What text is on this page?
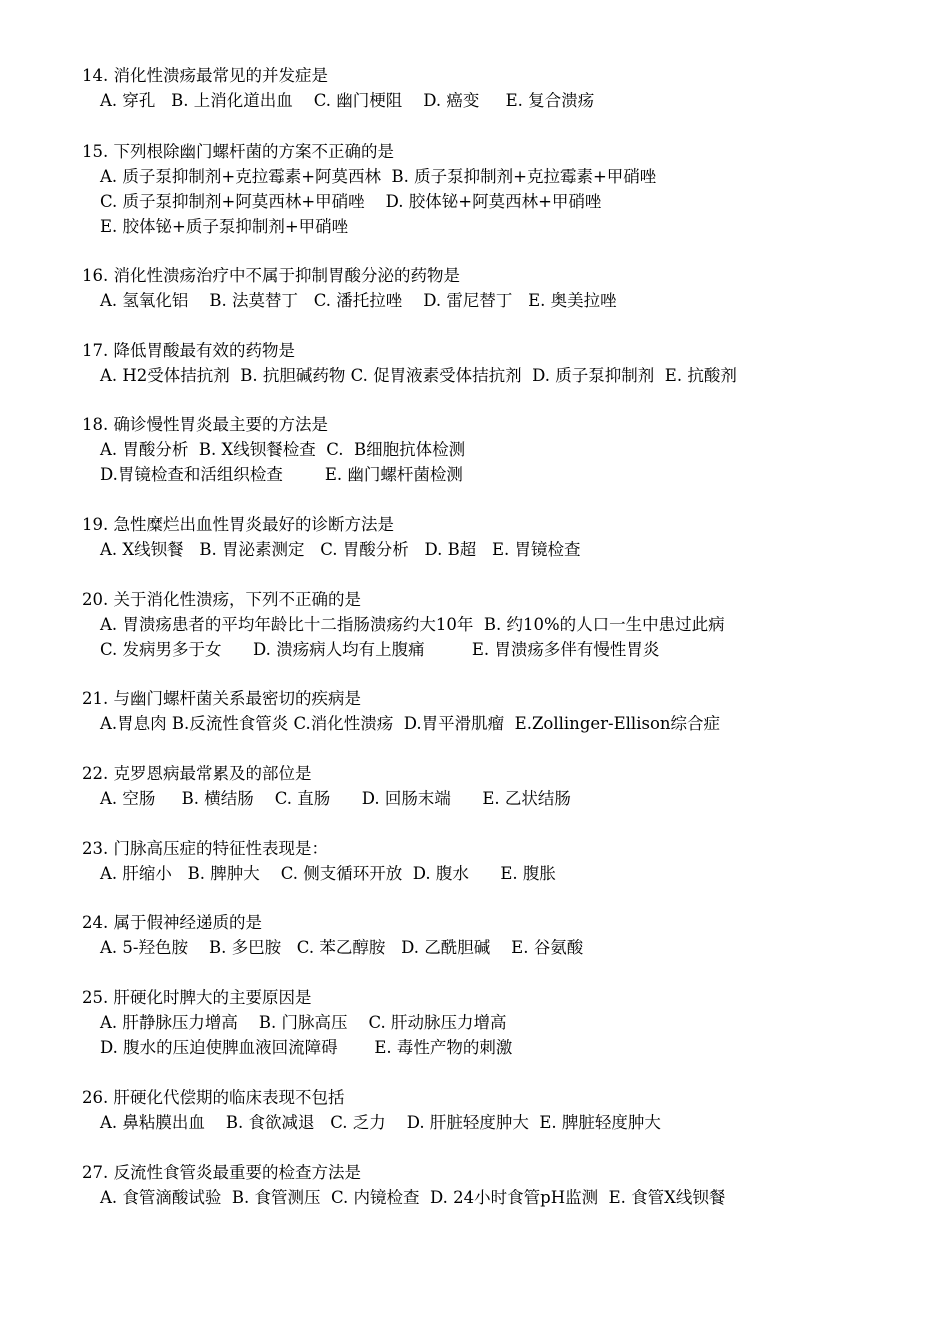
14. 消化性溃疡最常见的并发症是
A. 穿孔   B. 上消化道出血    C. 幽门梗阻    D. 癌变     E. 复合溃疡
15. 下列根除幽门螺杆菌的方案不正确的是
A. 质子泵抑制剂+克拉霉素+阿莫西林  B. 质子泵抑制剂+克拉霉素+甲硝唑
C. 质子泵抑制剂+阿莫西林+甲硝唑    D. 胶体铋+阿莫西林+甲硝唑
E. 胶体铋+质子泵抑制剂+甲硝唑
16. 消化性溃疡治疗中不属于抑制胃酸分泌的药物是
A. 氢氧化铝    B. 法莫替丁   C. 潘托拉唑    D. 雷尼替丁   E. 奥美拉唑
17. 降低胃酸最有效的药物是
A. H2受体拮抗剂  B. 抗胆碱药物 C. 促胃液素受体拮抗剂  D. 质子泵抑制剂  E. 抗酸剂
18. 确诊慢性胃炎最主要的方法是
A. 胃酸分析  B. X线钡餐检查  C.  B细胞抗体检测
D.胃镜检查和活组织检查        E. 幽门螺杆菌检测
19. 急性糜烂出血性胃炎最好的诊断方法是
A. X线钡餐   B. 胃泌素测定   C. 胃酸分析   D. B超   E. 胃镜检查
20. 关于消化性溃疡，下列不正确的是
A. 胃溃疡患者的平均年龄比十二指肠溃疡约大10年  B. 约10%的人口一生中患过此病
C. 发病男多于女      D. 溃疡病人均有上腹痛         E. 胃溃疡多伴有慢性胃炎
21. 与幽门螺杆菌关系最密切的疾病是
A.胃息肉 B.反流性食管炎 C.消化性溃疡  D.胃平滑肌瘤  E.Zollinger-Ellison综合症
22. 克罗恩病最常累及的部位是
A. 空肠     B. 横结肠    C. 直肠      D. 回肠末端      E. 乙状结肠
23. 门脉高压症的特征性表现是：
A. 肝缩小   B. 脾肿大    C. 侧支循环开放  D. 腹水      E. 腹胀
24. 属于假神经递质的是
A. 5-羟色胺    B. 多巴胺   C. 苯乙醇胺   D. 乙酰胆碱    E. 谷氨酸
25. 肝硬化时脾大的主要原因是
A. 肝静脉压力增高    B. 门脉高压    C. 肝动脉压力增高
D. 腹水的压迫使脾血液回流障碍       E. 毒性产物的刺激
26. 肝硬化代偿期的临床表现不包括
A. 鼻粘膜出血    B. 食欲减退   C. 乏力    D. 肝脏轻度肿大  E. 脾脏轻度肿大
27. 反流性食管炎最重要的检查方法是
A. 食管滴酸试验  B. 食管测压  C. 内镜检查  D. 24小时食管pH监测  E. 食管X线钡餐
